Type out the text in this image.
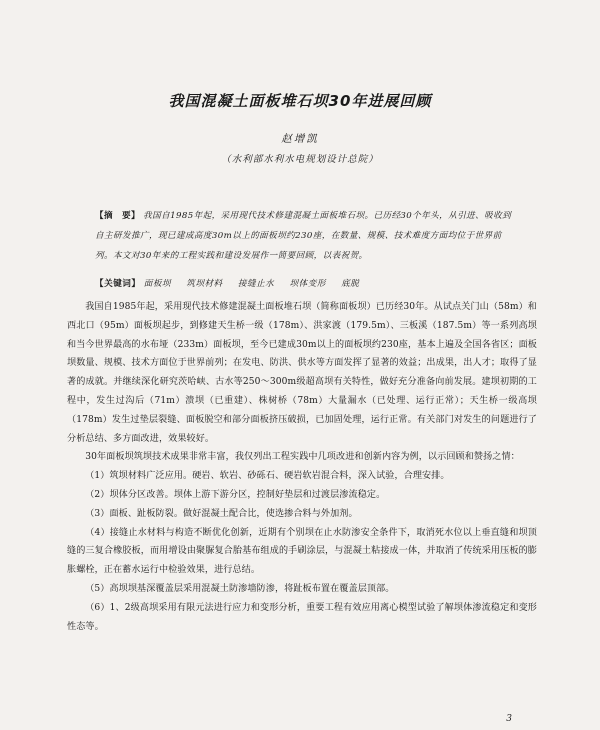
我国混凝土面板堆石坝30年进展回顾
赵增凯
（水利部水利水电规划设计总院）
【摘　要】 我国自1985年起，采用现代技术修建混凝土面板堆石坝。已历经30个年头，从引进、吸收到自主研发推广，现已建成高度30m以上的面板坝约230座，在数量、规模、技术难度方面均位于世界前列。本文对30年来的工程实践和建设发展作一简要回顾，以表祝贺。
【关键词】 面板坝 筑坝材料 接缝止水 坝体变形 底脱

我国自1985年起，采用现代技术修建混凝土面板堆石坝（简称面板坝）已历经30年。从试点关门山（58m）和西北口（95m）面板坝起步，到修建天生桥一级（178m）、洪家渡（179.5m）、三板溪（187.5m）等一系列高坝和当今世界最高的水布垭（233m）面板坝，至今已建成30m以上的面板坝约230座，基本上遍及全国各省区；面板坝数量、规模、技术方面位于世界前列；在发电、防洪、供水等方面发挥了显著的效益；出成果，出人才；取得了显著的成就。并继续深化研究茨哈峡、古水等250～300m级超高坝有关特性，做好充分准备向前发展。建坝初期的工程中，发生过沟后（71m）溃坝（已重建）、株树桥（78m）大量漏水（已处理、运行正常）；天生桥一级高坝（178m）发生过垫层裂缝、面板脱空和部分面板挤压破损，已加固处理，运行正常。有关部门对发生的问题进行了分析总结、多方面改进，效果较好。

30年面板坝筑坝技术成果非常丰富，我仅列出工程实践中几项改进和创新内容为例，以示回顾和赞扬之情：

（1）筑坝材料广泛应用。硬岩、软岩、砂砾石、硬岩软岩混合料，深入试验，合理安排。

（2）坝体分区改善。坝体上游下游分区，控制好垫层和过渡层渗流稳定。

（3）面板、趾板防裂。做好混凝土配合比，使选掺合料与外加剂。

（4）接缝止水材料与构造不断优化创新，近期有个别坝在止水防渗安全条件下，取消死水位以上垂直缝和坝顶缝的三复合橡胶板，而用增设由聚脲复合胎基布组成的手刷涂层，与混凝土粘接成一体，并取消了传统采用压板的膨胀螺栓，正在蓄水运行中检验效果，进行总结。

（5）高坝坝基深覆盖层采用混凝土防渗墙防渗，将趾板布置在覆盖层顶部。

（6）1、2级高坝采用有限元法进行应力和变形分析，重要工程有效应用离心模型试验了解坝体渗流稳定和变形性态等。

3
